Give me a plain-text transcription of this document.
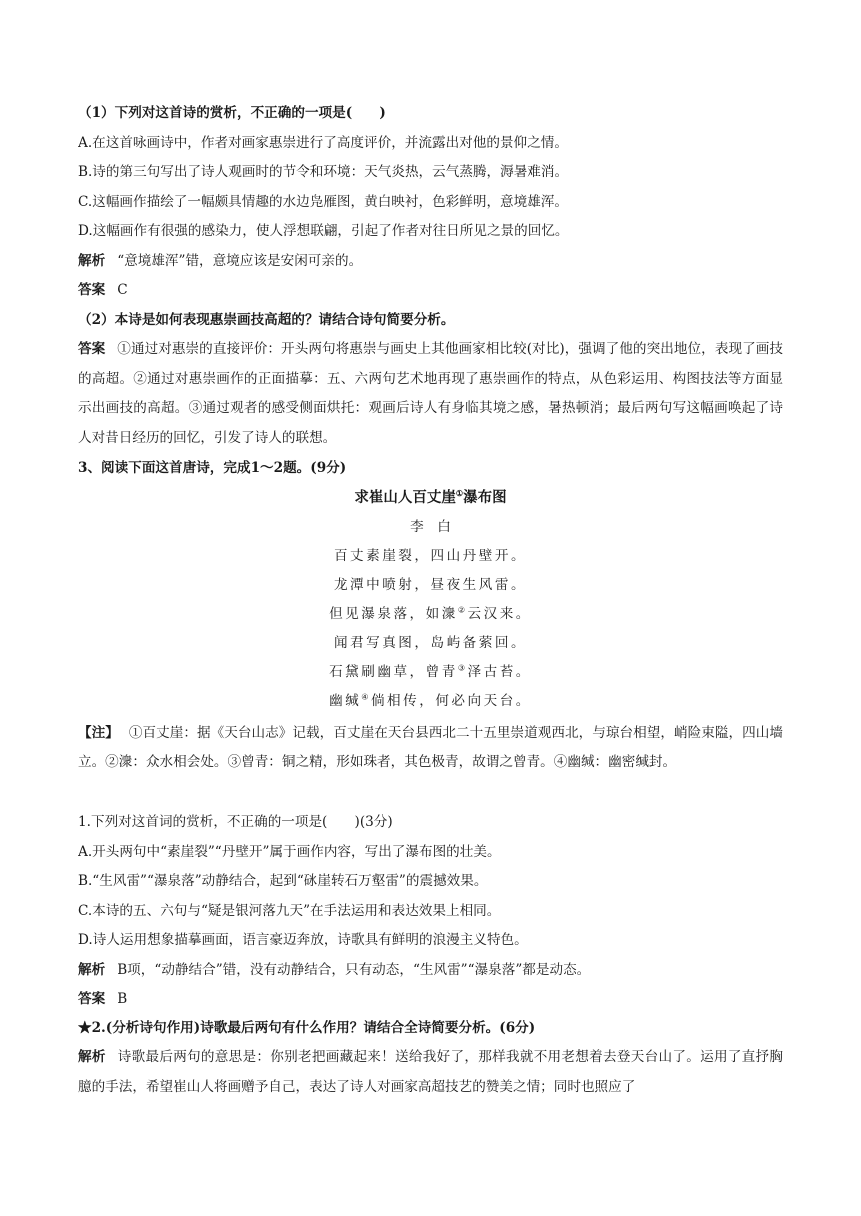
（1）下列对这首诗的赏析，不正确的一项是(　　)
A.在这首咏画诗中，作者对画家惠崇进行了高度评价，并流露出对他的景仰之情。
B.诗的第三句写出了诗人观画时的节令和环境：天气炎热，云气蒸腾，溽暑难消。
C.这幅画作描绘了一幅颇具情趣的水边凫雁图，黄白映衬，色彩鲜明，意境雄浑。
D.这幅画作有很强的感染力，使人浮想联翩，引起了作者对往日所见之景的回忆。
解析 “意境雄浑”错，意境应该是安闲可亲的。
答案 C
（2）本诗是如何表现惠崇画技高超的？请结合诗句简要分析。
答案 ①通过对惠崇的直接评价：开头两句将惠崇与画史上其他画家相比较(对比)，强调了他的突出地位，表现了画技的高超。②通过对惠崇画作的正面描摹：五、六两句艺术地再现了惠崇画作的特点，从色彩运用、构图技法等方面显示出画技的高超。③通过观者的感受侧面烘托：观画后诗人有身临其境之感，暑热顿消；最后两句写这幅画唤起了诗人对昔日经历的回忆，引发了诗人的联想。
3、阅读下面这首唐诗，完成1～2题。(9分)
求崔山人百丈崖①瀑布图
李　白
百丈素崖裂，四山丹壁开。
龙潭中喷射，昼夜生风雷。
但见瀑泉落，如潨②云汉来。
闻君写真图，岛屿备萦回。
石黛刷幽草，曾青③泽古苔。
幽缄④倘相传，何必向天台。
【注】 ①百丈崖：据《天台山志》记载，百丈崖在天台县西北二十五里崇道观西北，与琼台相望，峭险束隘，四山墙立。②潨：众水相会处。③曾青：铜之精，形如珠者，其色极青，故谓之曾青。④幽缄：幽密缄封。
1.下列对这首词的赏析，不正确的一项是(　　)(3分)
A.开头两句中“素崖裂”“丹壁开”属于画作内容，写出了瀑布图的壮美。
B.“生风雷”“瀑泉落”动静结合，起到“砯崖转石万壑雷”的震撼效果。
C.本诗的五、六句与“疑是银河落九天”在手法运用和表达效果上相同。
D.诗人运用想象描摹画面，语言豪迈奔放，诗歌具有鲜明的浪漫主义特色。
解析 B项，“动静结合”错，没有动静结合，只有动态，“生风雷”“瀑泉落”都是动态。
答案 B
★2.(分析诗句作用)诗歌最后两句有什么作用？请结合全诗简要分析。(6分)
解析 诗歌最后两句的意思是：你别老把画藏起来！送给我好了，那样我就不用老想着去登天台山了。运用了直抒胸臆的手法，希望崔山人将画赠予自己，表达了诗人对画家高超技艺的赞美之情；同时也照应了
